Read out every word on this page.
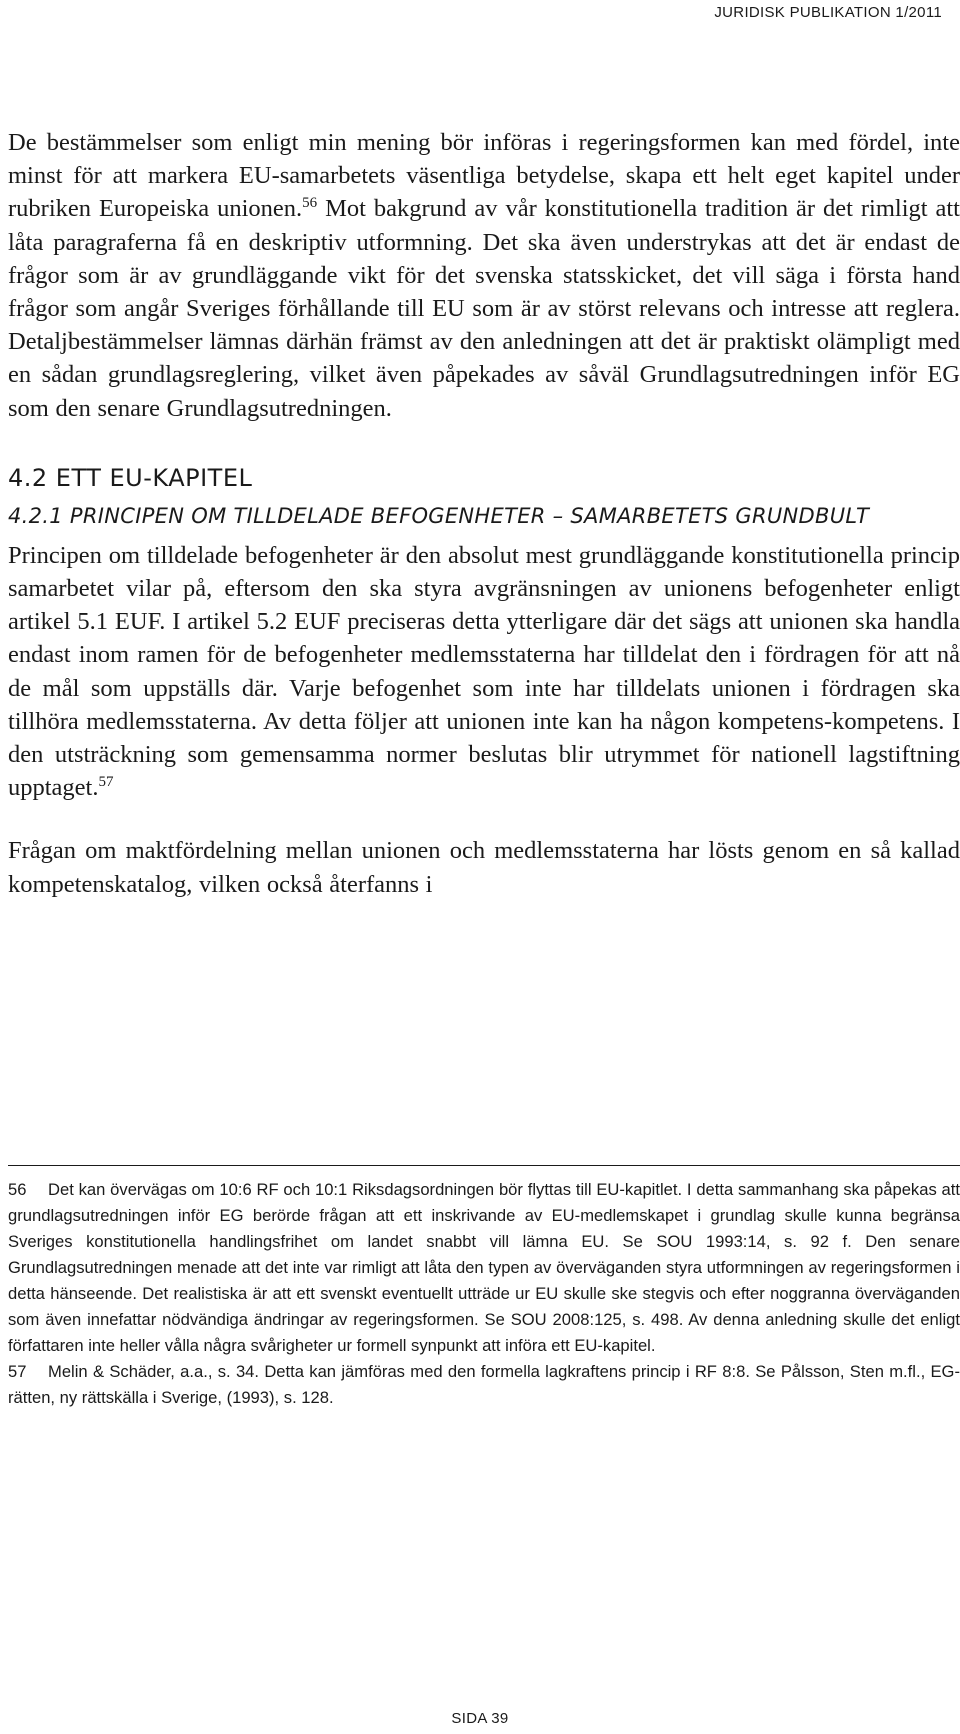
JURIDISK PUBLIKATION 1/2011

De bestämmelser som enligt min mening bör införas i regeringsformen kan med fördel, inte minst för att markera EU-samarbetets väsentliga betydelse, skapa ett helt eget kapitel under rubriken Europeiska unionen.$^{56}$ Mot bakgrund av vår konstitutionella tradition är det rimligt att låta paragraferna få en deskriptiv utformning. Det ska även understrykas att det är endast de frågor som är av grundläggande vikt för det svenska statsskicket, det vill säga i första hand frågor som angår Sveriges förhållande till EU som är av störst relevans och intresse att reglera. Detaljbestämmelser lämnas därhän främst av den anledningen att det är praktiskt olämpligt med en sådan grundlagsreglering, vilket även påpekades av såväl Grundlagsutredningen inför EG som den senare Grundlagsutredningen.

4.2 ETT EU-KAPITEL
4.2.1 PRINCIPEN OM TILLDELADE BEFOGENHETER – SAMARBETETS GRUNDBULT

Principen om tilldelade befogenheter är den absolut mest grundläggande konstitutionella princip samarbetet vilar på, eftersom den ska styra avgränsningen av unionens befogenheter enligt artikel 5.1 EUF. I artikel 5.2 EUF preciseras detta ytterligare där det sägs att unionen ska handla endast inom ramen för de befogenheter medlemsstaterna har tilldelat den i fördragen för att nå de mål som uppställs där. Varje befogenhet som inte har tilldelats unionen i fördragen ska tillhöra medlemsstaterna. Av detta följer att unionen inte kan ha någon kompetens-kompetens. I den utsträckning som gemensamma normer beslutas blir utrymmet för nationell lagstiftning upptaget.$^{57}$

Frågan om maktfördelning mellan unionen och medlemsstaterna har lösts genom en så kallad kompetenskatalog, vilken också återfanns i

56 Det kan övervägas om 10:6 RF och 10:1 Riksdagsordningen bör flyttas till EU-kapitlet. I detta sammanhang ska påpekas att grundlagsutredningen inför EG berörde frågan att ett inskrivande av EU-medlemskapet i grundlag skulle kunna begränsa Sveriges konstitutionella handlingsfrihet om landet snabbt vill lämna EU. Se SOU 1993:14, s. 92 f. Den senare Grundlagsutredningen menade att det inte var rimligt att låta den typen av överväganden styra utformningen av regeringsformen i detta hänseende. Det realistiska är att ett svenskt eventuellt utträde ur EU skulle ske stegvis och efter noggranna överväganden som även innefattar nödvändiga ändringar av regeringsformen. Se SOU 2008:125, s. 498. Av denna anledning skulle det enligt författaren inte heller vålla några svårigheter ur formell synpunkt att införa ett EU-kapitel.

57 Melin & Schäder, a.a., s. 34. Detta kan jämföras med den formella lagkraftens princip i RF 8:8. Se Pålsson, Sten m.fl., EG-rätten, ny rättskälla i Sverige, (1993), s. 128.

SIDA 39
